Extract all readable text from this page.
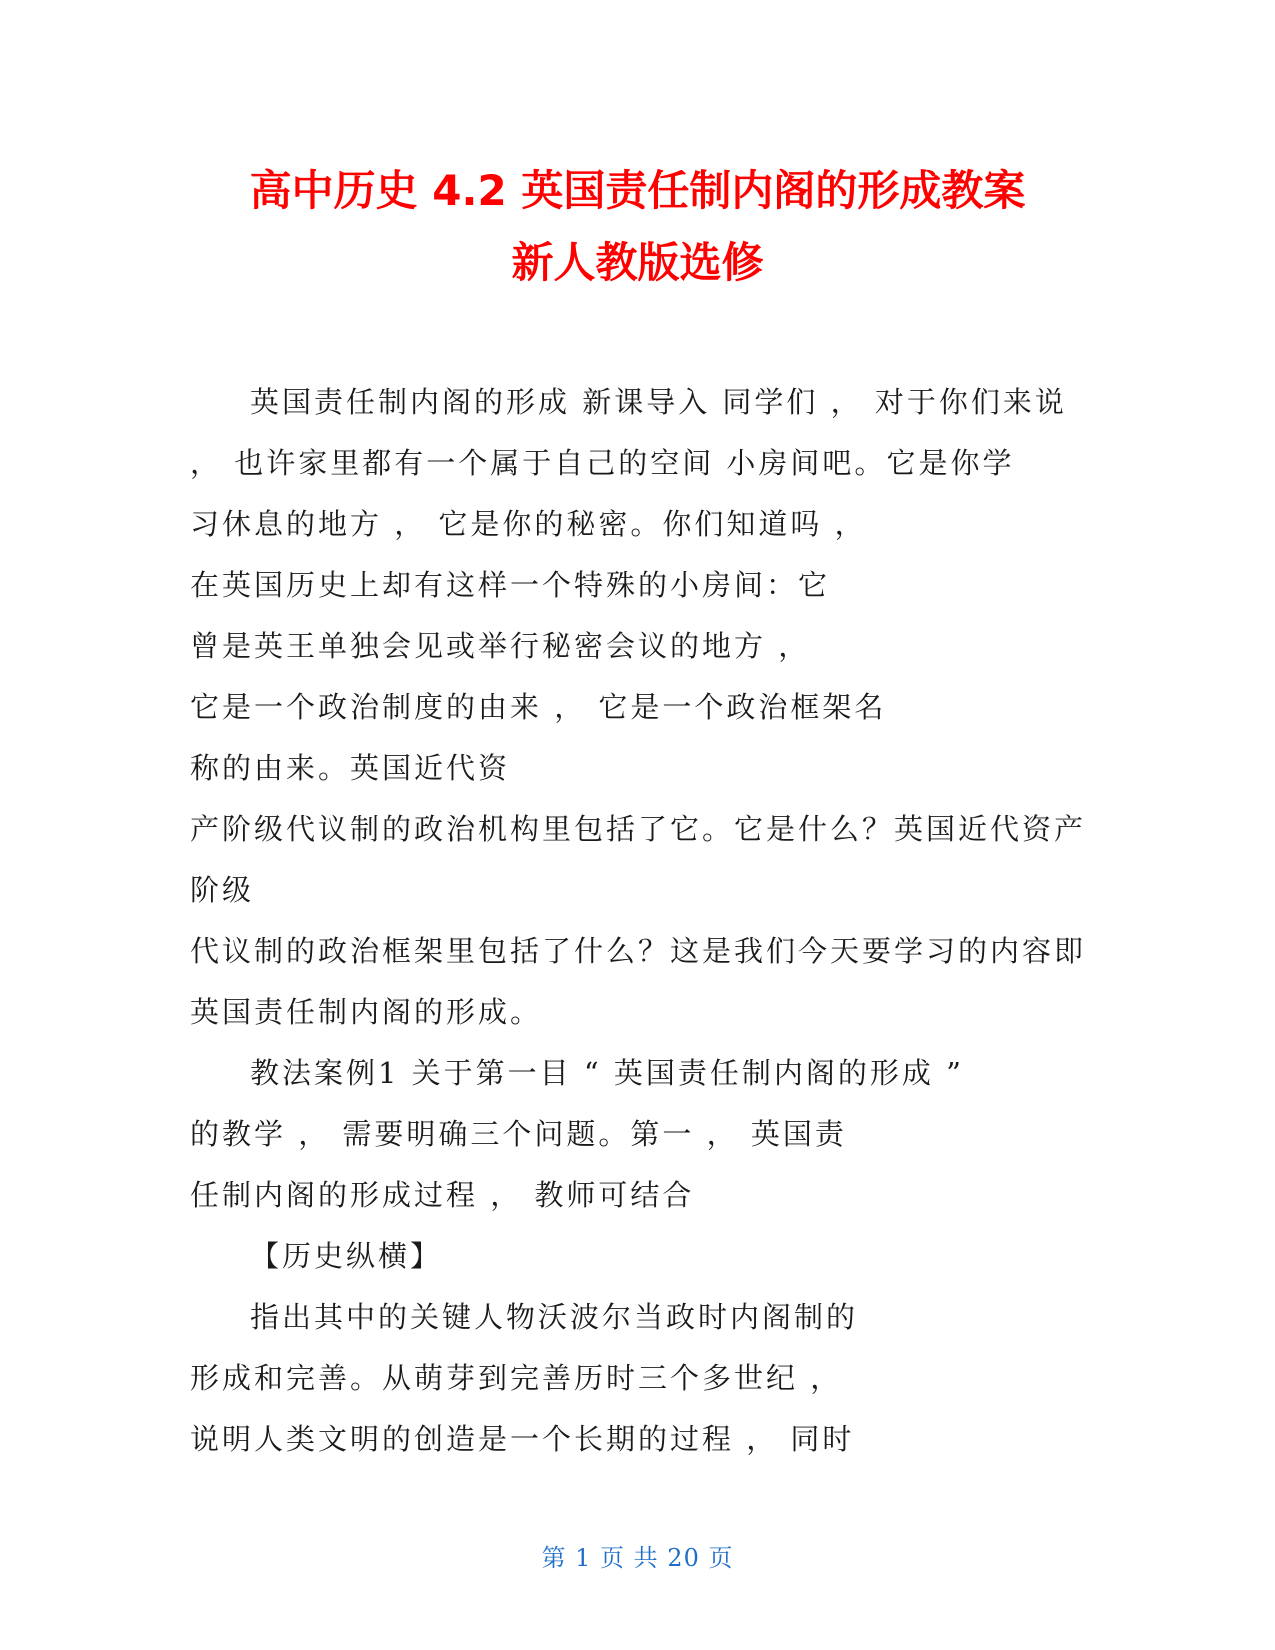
高中历史 4.2 英国责任制内阁的形成教案
新人教版选修
英国责任制内阁的形成 新课导入 同学们 ， 对于你们来说
， 也许家里都有一个属于自己的空间 小房间吧。它是你学
习休息的地方 ， 它是你的秘密。你们知道吗 ，
在英国历史上却有这样一个特殊的小房间：它
曾是英王单独会见或举行秘密会议的地方 ，
它是一个政治制度的由来 ， 它是一个政治框架名
称的由来。英国近代资
产阶级代议制的政治机构里包括了它。它是什么？英国近代资产
阶级
代议制的政治框架里包括了什么？这是我们今天要学习的内容即
英国责任制内阁的形成。
教法案例1 关于第一目 “ 英国责任制内阁的形成 ”
的教学 ， 需要明确三个问题。第一 ， 英国责
任制内阁的形成过程 ， 教师可结合
【历史纵横】
指出其中的关键人物沃波尔当政时内阁制的
形成和完善。从萌芽到完善历时三个多世纪 ，
说明人类文明的创造是一个长期的过程 ， 同时
第 1 页 共 20 页
